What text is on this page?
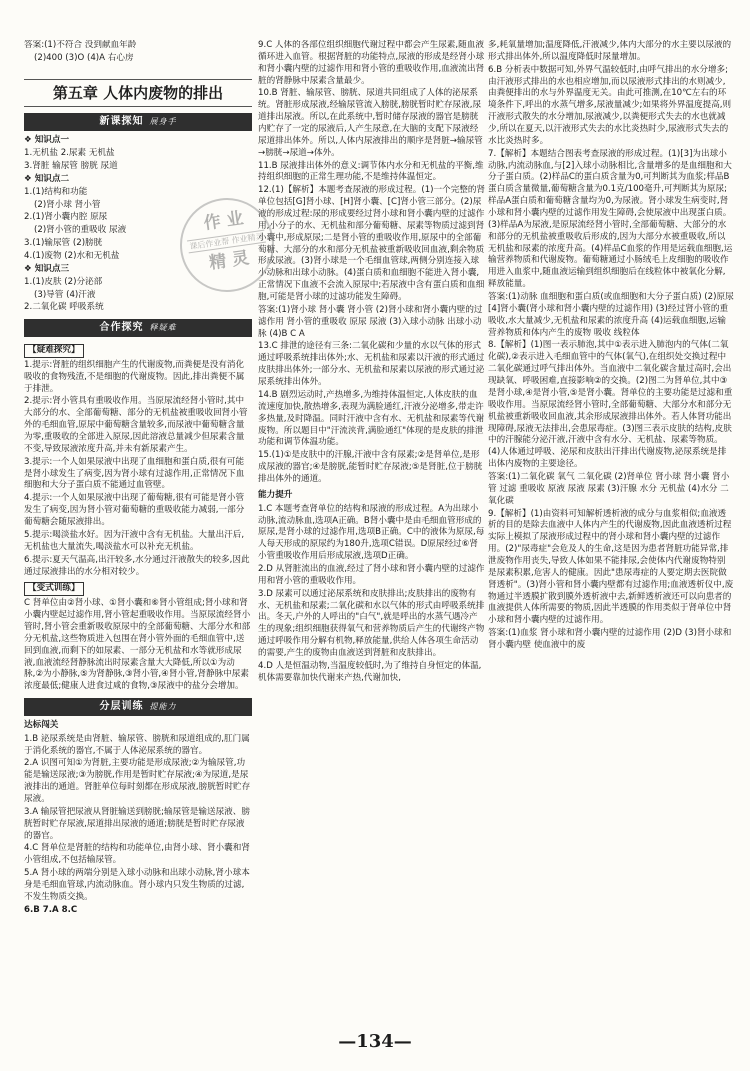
答案:(1)不符合 没到献血年龄
(2)400 (3)O (4)A 右心房
第五章 人体内废物的排出
新课探知 展身手
❖ 知识点一
1.无机盐 2.尿素 无机盐
3.肾脏 输尿管 膀胱 尿道
❖ 知识点二
1.(1)结构和功能
(2)肾小球 肾小管
2.(1)肾小囊内腔 原尿
(2)肾小管的重吸收 尿液
3.(1)输尿管 (2)膀胱
4.(1)废物 (2)水和无机盐
❖ 知识点三
1.(1)皮肤 (2)分泌部
(3)导管 (4)汗液
2.二氧化碳 呼吸系统
合作探究 释疑难
【疑难探究】
1.提示:肾脏的组织细胞产生的代谢废物,而粪便是没有消化吸收的食物残渣,不是细胞的代谢废物。因此,排出粪便不属于排泄。
2.提示:肾小管具有重吸收作用。当原尿流经肾小管时,其中大部分的水、全部葡萄糖、部分的无机盐被重吸收回肾小管外的毛细血管,原尿中葡萄糖含量较多,而尿液中葡萄糖含量为零,重吸收的全部进入原尿,因此溶液总量减少但尿素含量不变,导致尿液浓度升高,并未有新尿素产生。
3.提示:一个人如果尿液中出现了血细胞和蛋白质,很有可能是肾小球发生了病变,因为肾小球有过滤作用,正常情况下血细胞和大分子蛋白质不能通过血管壁。
4.提示:一个人如果尿液中出现了葡萄糖,很有可能是肾小管发生了病变,因为肾小管对葡萄糖的重吸收能力减弱,一部分葡萄糖会随尿液排出。
5.提示:喝淡盐水好。因为汗液中含有无机盐。大量出汗后,无机盐也大量流失,喝淡盐水可以补充无机盐。
6.提示:夏天气温高,出汗较多,水分通过汗液散失的较多,因此通过尿液排出的水分相对较少。
【变式训练】
C 肾单位由②肾小球、①肾小囊和⑥肾小管组成;肾小球和肾小囊内壁起过滤作用,肾小管起重吸收作用。当原尿流经肾小管时,肾小管会重新吸收原尿中的全部葡萄糖、大部分水和部分无机盐,这些物质进入包围在肾小管外面的毛细血管中,送回到血液,而剩下的如尿素、一部分无机盐和水等就形成尿液,血液流经肾静脉流出时尿素含量大大降低,所以①为动脉,②为小静脉,⑤为肾静脉,③肾小管,④肾小管,肾静脉中尿素浓度最低;健康人进食过咸的食物,③尿液中的盐分会增加。
分层训练 提能力
达标闯关
1.B 泌尿系统是由肾脏、输尿管、膀胱和尿道组成的,肛门属于消化系统的器官,不属于人体泌尿系统的器官。
2.A 识图可知①为肾脏,主要功能是形成尿液;②为输尿管,功能是输送尿液;③为膀胱,作用是暂时贮存尿液;④为尿道,是尿液排出的通道。肾脏单位每时刻都在形成尿液,膀胱暂时贮存尿液。
3.A 输尿管把尿液从肾脏输送到膀胱;输尿管是输送尿液、膀胱暂时贮存尿液,尿道排出尿液的通道;膀胱是暂时贮存尿液的器官。
4.C 肾单位是肾脏的结构和功能单位,由肾小球、肾小囊和肾小管组成,不包括输尿管。
5.A 肾小球的两端分别是入球小动脉和出球小动脉,肾小球本身是毛细血管球,内流动脉血。肾小球内只发生物质的过滤,不发生物质交换。
6.B 7.A 8.C
9.C 人体的各部位组织细胞代谢过程中都会产生尿素,随血液循环进入血管。根据肾脏的功能特点,尿液的形成是经肾小球和肾小囊内壁的过滤作用和肾小管的重吸收作用,血液流出肾脏的肾静脉中尿素含量最少。
10.B 肾脏、输尿管、膀胱、尿道共同组成了人体的泌尿系统。肾脏形成尿液,经输尿管流入膀胱,膀胱暂时贮存尿液,尿道排出尿液。所以,在此系统中,暂时储存尿液的器官是膀胱内贮存了一定的尿液后,人产生尿意,在大脑的支配下尿液经尿道排出体外。所以,人体内尿液排出的顺序是肾脏→输尿管→膀胱→尿道→体外。
11.B 尿液排出体外的意义:调节体内水分和无机盐的平衡,维持组织细胞的正常生理功能,不是维持体温恒定。
12.(1)【解析】本题考查尿液的形成过程。(1)一个完整的肾单位包括[G]肾小球、[H]肾小囊、[C]肾小管三部分。(2)尿液的形成过程:尿的形成要经过肾小球和肾小囊内壁的过滤作用,小分子的水、无机盐和部分葡萄糖、尿素等物质过滤到肾小囊中,形成原尿;二是肾小管的重吸收作用,原尿中的全部葡萄糖、大部分的水和部分无机盐被重新吸收回血液,剩余物质形成尿液。(3)肾小球是一个毛细血管球,两侧分别连接入球小动脉和出球小动脉。(4)蛋白质和血细胞不能进入肾小囊,正常情况下血液不会流入原尿中;若尿液中含有蛋白质和血细胞,可能是肾小球的过滤功能发生障碍。
答案:(1)肾小球 肾小囊 肾小管 (2)肾小球和肾小囊内壁的过滤作用 肾小管的重吸收 原尿 尿液 (3)入球小动脉 出球小动脉 (4)B C A
13.C 排泄的途径有三条:二氧化碳和少量的水以气体的形式通过呼吸系统排出体外;水、无机盐和尿素以汗液的形式通过皮肤排出体外;一部分水、无机盐和尿素以尿液的形式通过泌尿系统排出体外。
14.B 剧烈运动时,产热增多,为维持体温恒定,人体皮肤的血流速度加快,散热增多,表现为满脸通红,汗液分泌增多,带走许多热量,及时降温。同时汗液中含有水、无机盐和尿素等代谢废物。所以题目中"汗流浃背,满脸通红"体现的是皮肤的排泄功能和调节体温功能。
15.(1)①是皮肤中的汗腺,汗液中含有尿素;②是肾单位,是形成尿液的器官;④是膀胱,能暂时贮存尿液;⑤是肾脏,位于膀胱排出体外的通道。
能力提升
1.C 本题考查肾单位的结构和尿液的形成过程。A为出球小动脉,流动脉血,选项A正确。B肾小囊中是由毛细血管形成的原尿,是肾小球的过滤作用,选项B正确。C中的液体为原尿,每人每天形成的原尿约为180升,选项C错误。D原尿经过⑥肾小管重吸收作用后形成尿液,选项D正确。
2.D 从肾脏流出的血液,经过了肾小球和肾小囊内壁的过滤作用和肾小管的重吸收作用。
3.D 尿素可以通过泌尿系统和皮肤排出;皮肤排出的废物有水、无机盐和尿素;二氧化碳和水以气体的形式由呼吸系统排出。冬天,户外的人呼出的"白气",就是呼出的水蒸气遇冷产生的现象;组织细胞获得氧气和营养物质后产生的代谢终产物通过呼吸作用分解有机物,释放能量,供给人体各项生命活动的需要,产生的废物由血液送到肾脏和皮肤排出。
4.D 人是恒温动物,当温度较低时,为了维持自身恒定的体温,机体需要靠加快代谢来产热,代谢加快,
多,耗氧量增加;温度降低,汗液减少,体内大部分的水主要以尿液的形式排出体外,所以温度降低时尿量增加。
6.B 分析表中数据可知,外界气温较低时,由呼气排出的水分增多;由汗液形式排出的水也相应增加,而以尿液形式排出的水则减少,由粪便排出的水与外界温度无关。由此可推测,在10℃左右的环境条件下,呼出的水蒸气增多,尿液量减少;如果将外界温度提高,则汗液形式散失的水分增加,尿液减少,以粪便形式失去的水也就减少,所以在夏天,以汗液形式失去的水比炎热时少,尿液形式失去的水比炎热时多。
7.【解析】本题结合图表考查尿液的形成过程。(1)[3]为出球小动脉,内流动脉血,与[2]入球小动脉相比,含量增多的是血细胞和大分子蛋白质。(2)样品C的蛋白质含量为0,可判断其为血浆;样品B蛋白质含量微量,葡萄糖含量为0.1克/100毫升,可判断其为原尿;样品A蛋白质和葡萄糖含量均为0,为尿液。肾小球发生病变时,肾小球和肾小囊内壁的过滤作用发生障碍,会使尿液中出现蛋白质。(3)样品A为尿液,是原尿流经肾小管时,全部葡萄糖、大部分的水和部分的无机盐被重吸收后形成的,因为大部分水被重吸收,所以无机盐和尿素的浓度升高。(4)样品C血浆的作用是运载血细胞,运输营养物质和代谢废物。葡萄糖通过小肠绒毛上皮细胞的吸收作用进入血浆中,随血液运输到组织细胞后在线粒体中被氧化分解,释放能量。
答案:(1)动脉 血细胞和蛋白质(或血细胞和大分子蛋白质) (2)原尿 [4]肾小囊(肾小球和肾小囊内壁的过滤作用) (3)经过肾小管的重吸收,水大量减少,无机盐和尿素的浓度升高 (4)运载血细胞,运输营养物质和体内产生的废物 吸收 线粒体
8.【解析】(1)图一表示肺泡,其中①表示进入肺泡内的气体(二氧化碳),②表示进入毛细血管中的气体(氧气),在组织处交换过程中二氧化碳通过呼气排出体外。当血液中二氧化碳含量过高时,会出现缺氧、呼吸困难,直接影响②的交换。(2)图二为肾单位,其中③是肾小球,④是肾小管,⑤是肾小囊。肾单位的主要功能是过滤和重吸收作用。当原尿流经肾小管时,全部葡萄糖、大部分水和部分无机盐被重新吸收回血液,其余形成尿液排出体外。若人体肾功能出现障碍,尿液无法排出,会患尿毒症。(3)图三表示皮肤的结构,皮肤中的汗腺能分泌汗液,汗液中含有水分、无机盐、尿素等物质。(4)人体通过呼吸、泌尿和皮肤出汗排出代谢废物,泌尿系统是排出体内废物的主要途径。
答案:(1)二氧化碳 氧气 二氧化碳 (2)肾单位 肾小球 肾小囊 肾小管 过滤 重吸收 原液 尿液 尿素 (3)汗腺 水分 无机盐 (4)水分 二氧化碳
9.【解析】(1)由资料可知解析透析液的成分与血浆相似;血液透析的目的是除去血液中人体内产生的代谢废物,因此血液透析过程实际上模拟了尿液形成过程中的肾小球和肾小囊内壁的过滤作用。(2)"尿毒症"会危及人的生命,这是因为患者肾脏功能异常,排泄废物作用丧失,导致人体如果不能排尿,会使体内代谢废物特别是尿素积累,危害人的健康。因此"患尿毒症的人要定期去医院做肾透析"。(3)肾小管和肾小囊内壁都有过滤作用;血液透析仪中,废物通过半透膜扩散到膜外透析液中去,新鲜透析液还可以向患者的血液提供人体所需要的物质,因此半透膜的作用类似于肾单位中肾小球和肾小囊内壁的过滤作用。
答案:(1)血浆 肾小球和肾小囊内壁的过滤作用 (2)D (3)肾小球和肾小囊内壁 使血液中的废
作 业
课后作业帮 作业精灵
精 灵
—134—
